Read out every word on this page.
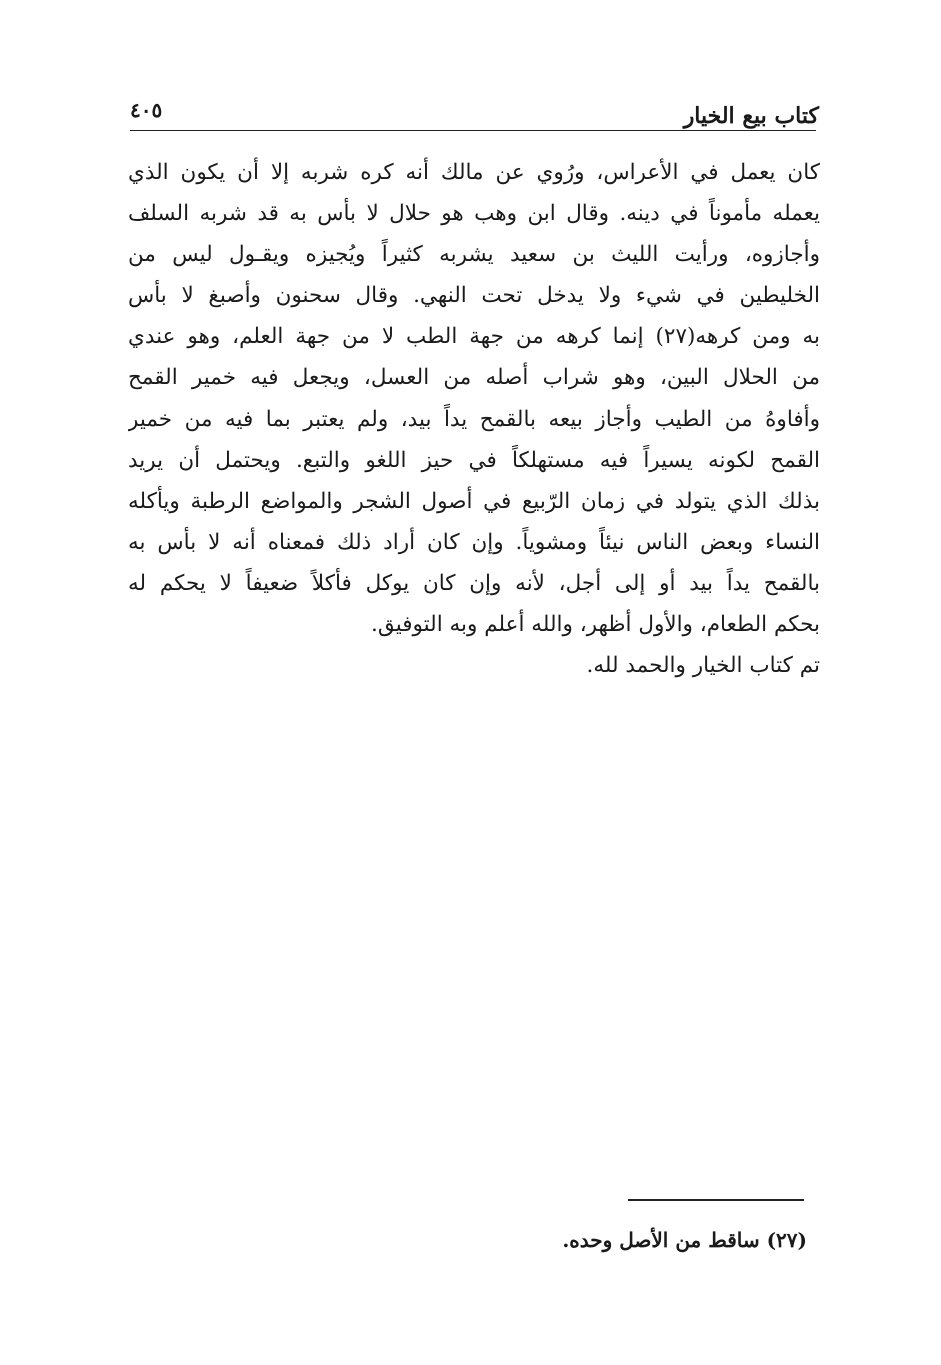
كتاب بيع الخيار
٤٠٥
كان يعمل في الأعراس، ورُوي عن مالك أنه كره شربه إلا أن يكون الذي
يعمله مأموناً في دينه. وقال ابن وهب هو حلال لا بأس به قد شربه السلف
وأجازوه، ورأيت الليث بن سعيد يشربه كثيراً ويُجيزه ويقـول ليس من
الخليطين في شيء ولا يدخل تحت النهي. وقال سحنون وأصبغ لا بأس
به ومن كرهه(٢٧) إنما كرهه من جهة الطب لا من جهة العلم، وهو عندي
من الحلال البين، وهو شراب أصله من العسل، ويجعل فيه خمير القمح
وأفاوهُ من الطيب وأجاز بيعه بالقمح يداً بيد، ولم يعتبر بما فيه من خمير
القمح لكونه يسيراً فيه مستهلكاً في حيز اللغو والتبع. ويحتمل أن يريد
بذلك الذي يتولد في زمان الرّبيع في أصول الشجر والمواضع الرطبة ويأكله
النساء وبعض الناس نيئاً ومشوياً. وإن كان أراد ذلك فمعناه أنه لا بأس به
بالقمح يداً بيد أو إلى أجل، لأنه وإن كان يوكل فأكلاً ضعيفاً لا يحكم له
بحكم الطعام، والأول أظهر، والله أعلم وبه التوفيق.
تم كتاب الخيار والحمد لله.
(٢٧) ساقط من الأصل وحده.
